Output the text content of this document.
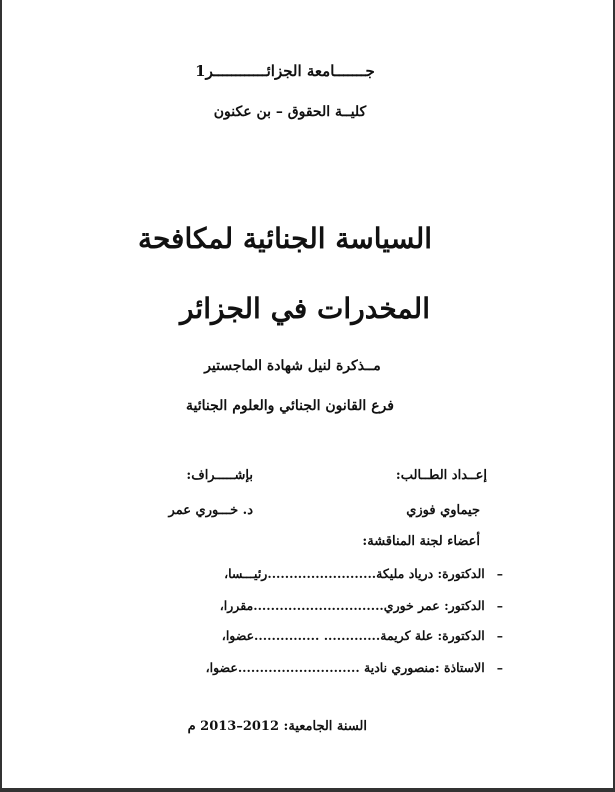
جـــــــامعة الجزائــــــــــــر1
كليــة الحقوق – بن عكنون
السياسة الجنائية لمكافحة
المخدرات في الجزائر
مــذكرة لنيل شهادة الماجستير
فرع القانون الجنائي والعلوم الجنائية
إعــداد الطــالب:
بإشـــــراف:
جيماوي فوزي
د. خـــوري عمر
أعضاء لجنة المناقشة:
–الدكتورة: درياد مليكة.........................رئيـــسا،
–الدكتور: عمر خوري..............................مقررا،
–الدكتورة: علة كريمة............. ...............عضوا،
–الاستاذة :منصوري نادية ............................عضوا،
السنة الجامعية: 2012–2013 م
